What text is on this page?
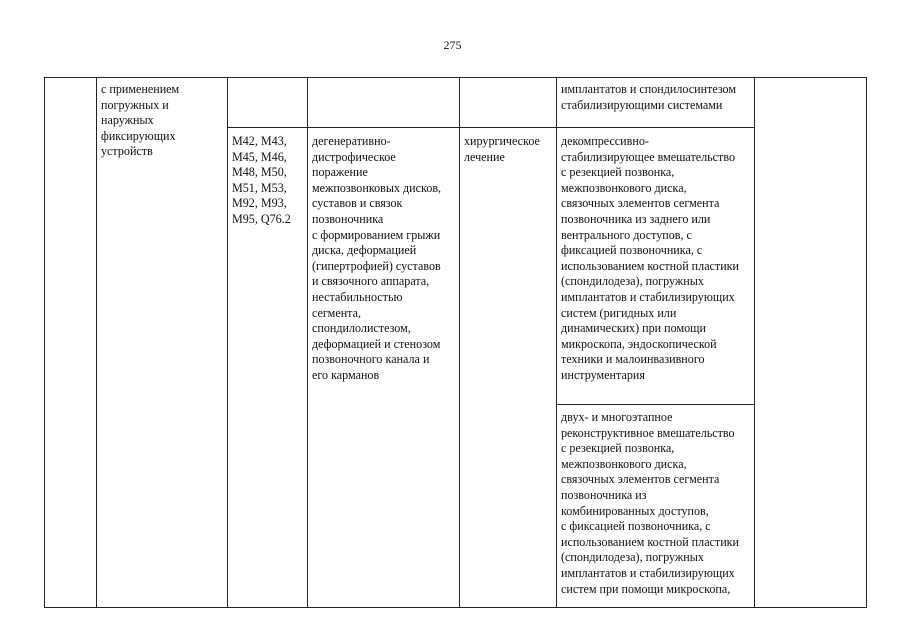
275

с применением
погружных и
наружных
фиксирующих
устройств

имплантатов и спондилосинтезом
стабилизирующими системами

M42, M43,
M45, M46,
M48, M50,
M51, M53,
M92, M93,
M95, Q76.2

дегенеративно-
дистрофическое
поражение
межпозвонковых дисков,
суставов и связок
позвоночника
с формированием грыжи
диска, деформацией
(гипертрофией) суставов
и связочного аппарата,
нестабильностью
сегмента,
спондилолистезом,
деформацией и стенозом
позвоночного канала и
его карманов

хирургическое
лечение

декомпрессивно-
стабилизирующее вмешательство
с резекцией позвонка,
межпозвонкового диска,
связочных элементов сегмента
позвоночника из заднего или
вентрального доступов, с
фиксацией позвоночника, с
использованием костной пластики
(спондилодеза), погружных
имплантатов и стабилизирующих
систем (ригидных или
динамических) при помощи
микроскопа, эндоскопической
техники и малоинвазивного
инструментария

двух- и многоэтапное
реконструктивное вмешательство
с резекцией позвонка,
межпозвонкового диска,
связочных элементов сегмента
позвоночника из
комбинированных доступов,
с фиксацией позвоночника, с
использованием костной пластики
(спондилодеза), погружных
имплантатов и стабилизирующих
систем при помощи микроскопа,
